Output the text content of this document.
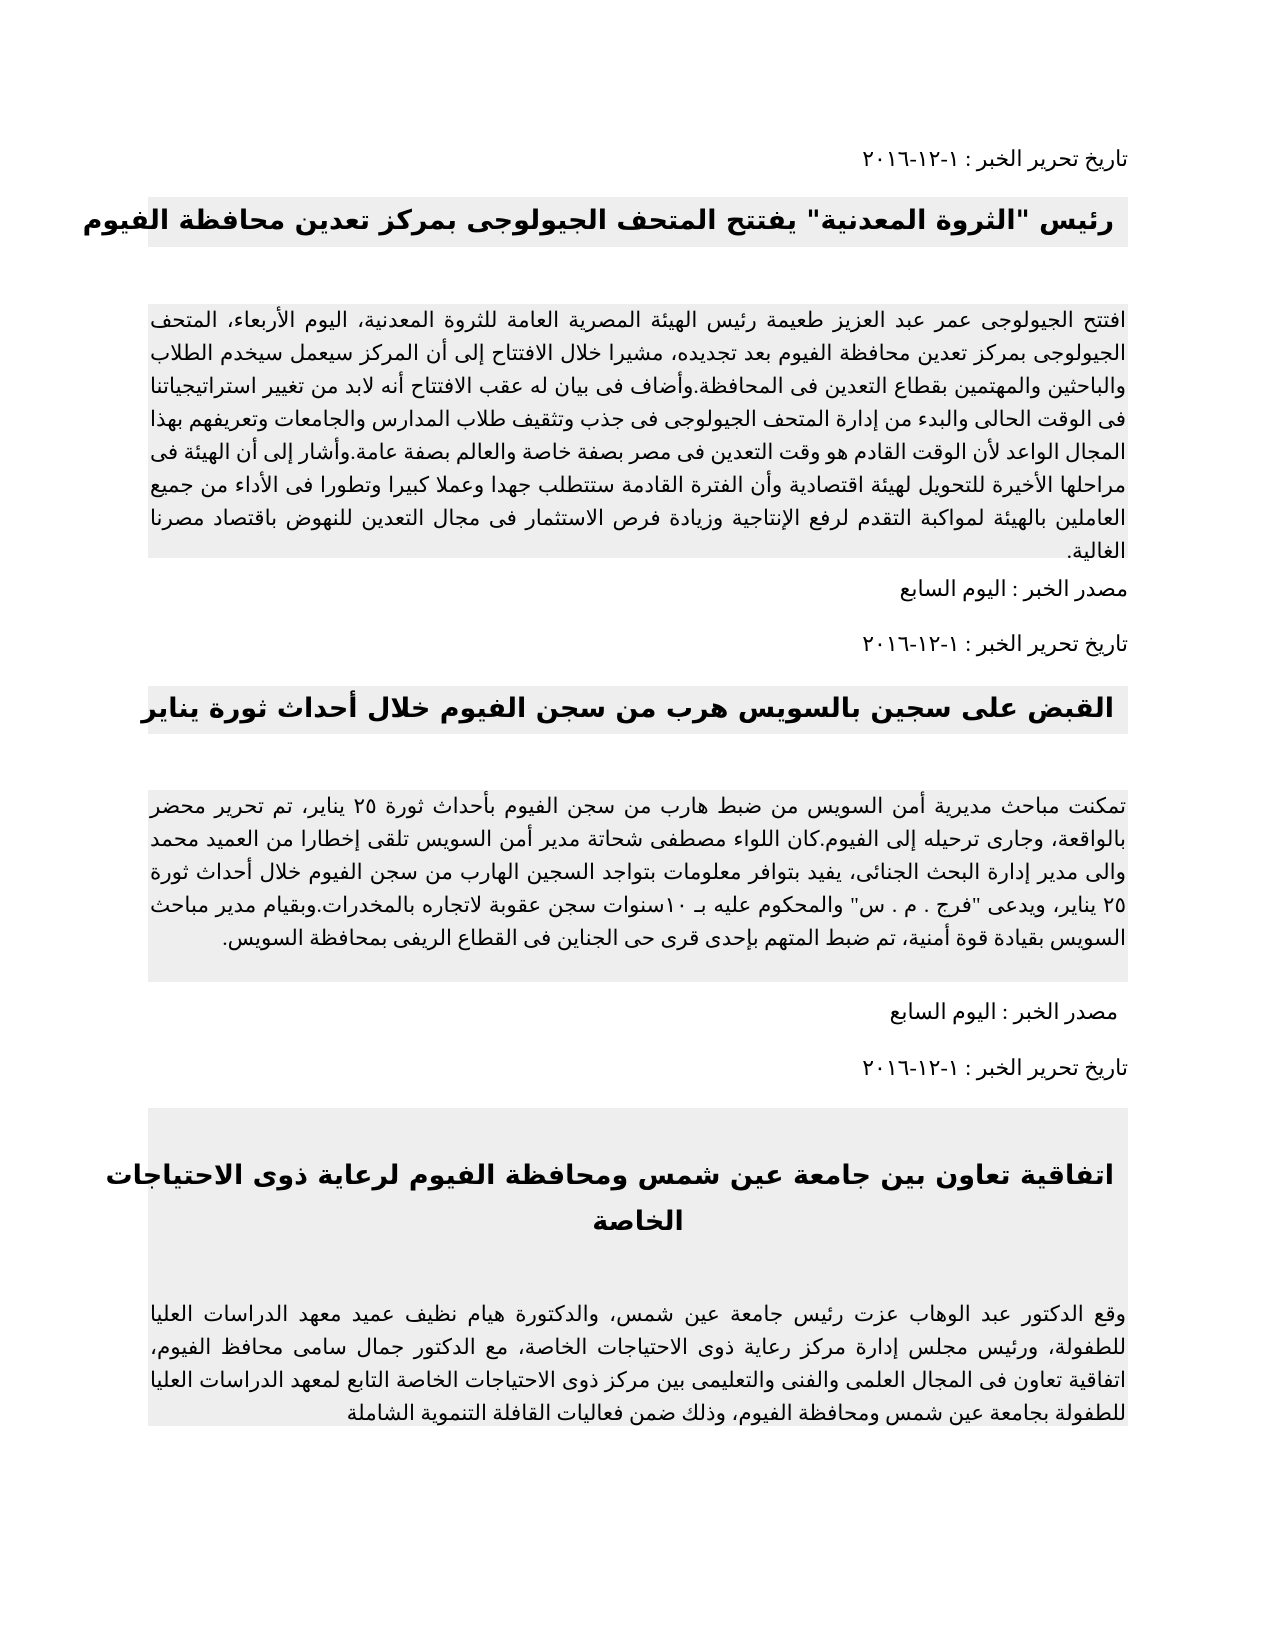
تاريخ تحرير الخبر : ١-١٢-٢٠١٦
رئيس "الثروة المعدنية" يفتتح المتحف الجيولوجى بمركز تعدين محافظة الفيوم

افتتح الجيولوجى عمر عبد العزيز طعيمة رئيس الهيئة المصرية العامة للثروة المعدنية، اليوم الأربعاء، المتحف الجيولوجى بمركز تعدين محافظة الفيوم بعد تجديده، مشيرا خلال الافتتاح إلى أن المركز سيعمل سيخدم الطلاب والباحثين والمهتمين بقطاع التعدين فى المحافظة.وأضاف فى بيان له عقب الافتتاح أنه لابد من تغيير استراتيجياتنا فى الوقت الحالى والبدء من إدارة المتحف الجيولوجى فى جذب وتثقيف طلاب المدارس والجامعات وتعريفهم بهذا المجال الواعد لأن الوقت القادم هو وقت التعدين فى مصر بصفة خاصة والعالم بصفة عامة.وأشار إلى أن الهيئة فى مراحلها الأخيرة للتحويل لهيئة اقتصادية وأن الفترة القادمة ستتطلب جهدا وعملا كبيرا وتطورا فى الأداء من جميع العاملين بالهيئة لمواكبة التقدم لرفع الإنتاجية وزيادة فرص الاستثمار فى مجال التعدين للنهوض باقتصاد مصرنا الغالية.

مصدر الخبر : اليوم السابع
تاريخ تحرير الخبر : ١-١٢-٢٠١٦
القبض على سجين بالسويس هرب من سجن الفيوم خلال أحداث ثورة يناير

تمكنت مباحث مديرية أمن السويس من ضبط هارب من سجن الفيوم بأحداث ثورة ٢٥ يناير، تم تحرير محضر بالواقعة، وجارى ترحيله إلى الفيوم.كان اللواء مصطفى شحاتة مدير أمن السويس تلقى إخطارا من العميد محمد والى مدير إدارة البحث الجنائى، يفيد بتوافر معلومات بتواجد السجين الهارب من سجن الفيوم خلال أحداث ثورة ٢٥ يناير، ويدعى "فرج . م . س" والمحكوم عليه بـ ١٠سنوات سجن عقوبة لاتجاره بالمخدرات.وبقيام مدير مباحث السويس بقيادة قوة أمنية، تم ضبط المتهم بإحدى قرى حى الجناين فى القطاع الريفى بمحافظة السويس.

مصدر الخبر : اليوم السابع
تاريخ تحرير الخبر : ١-١٢-٢٠١٦
اتفاقية تعاون بين جامعة عين شمس ومحافظة الفيوم لرعاية ذوى الاحتياجات
الخاصة

وقع الدكتور عبد الوهاب عزت رئيس جامعة عين شمس، والدكتورة هيام نظيف عميد معهد الدراسات العليا للطفولة، ورئيس مجلس إدارة مركز رعاية ذوى الاحتياجات الخاصة، مع الدكتور جمال سامى محافظ الفيوم، اتفاقية تعاون فى المجال العلمى والفنى والتعليمى بين مركز ذوى الاحتياجات الخاصة التابع لمعهد الدراسات العليا للطفولة بجامعة عين شمس ومحافظة الفيوم، وذلك ضمن فعاليات القافلة التنموية الشاملة
